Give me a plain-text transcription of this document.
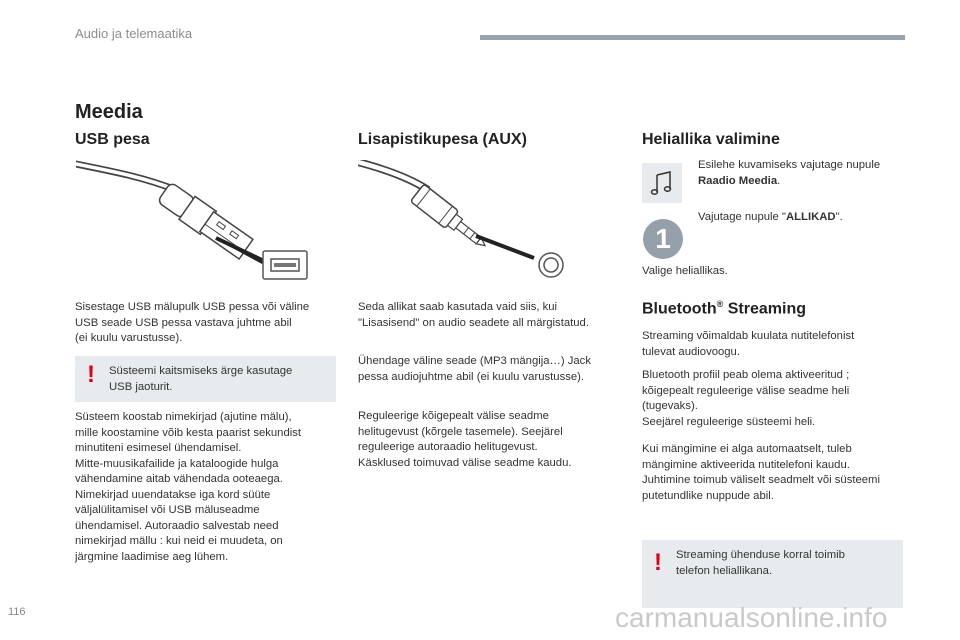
Audio ja telemaatika
Meedia
USB pesa
Sisestage USB mälupulk USB pessa või väline
USB seade USB pessa vastava juhtme abil
(ei kuulu varustusse).
! Süsteemi kaitsmiseks ärge kasutage
USB jaoturit.
Süsteem koostab nimekirjad (ajutine mälu),
mille koostamine võib kesta paarist sekundist
minutiteni esimesel ühendamisel.
Mitte-muusikafailide ja kataloogide hulga
vähendamine aitab vähendada ooteaega.
Nimekirjad uuendatakse iga kord süüte
väljalülitamisel või USB mäluseadme
ühendamisel. Autoraadio salvestab need
nimekirjad mällu : kui neid ei muudeta, on
järgmine laadimise aeg lühem.
Lisapistikupesa (AUX)
Seda allikat saab kasutada vaid siis, kui
"Lisasisend" on audio seadete all märgistatud.
Ühendage väline seade (MP3 mängija…) Jack
pessa audiojuhtme abil (ei kuulu varustusse).
Reguleerige kõigepealt välise seadme
helitugevust (kõrgele tasemele). Seejärel
reguleerige autoraadio helitugevust.
Käsklused toimuvad välise seadme kaudu.
Heliallika valimine
Esilehe kuvamiseks vajutage nupule
Raadio Meedia.
1
Vajutage nupule "ALLIKAD".
Valige heliallikas.
Bluetooth® Streaming
Streaming võimaldab kuulata nutitelefonist
tulevat audiovoogu.
Bluetooth profiil peab olema aktiveeritud ;
kõigepealt reguleerige välise seadme heli
(tugevaks).
Seejärel reguleerige süsteemi heli.
Kui mängimine ei alga automaatselt, tuleb
mängimine aktiveerida nutitelefoni kaudu.
Juhtimine toimub väliselt seadmelt või süsteemi
putetundlike nuppude abil.
! Streaming ühenduse korral toimib
telefon heliallikana.
116	carmanualsonline.info
